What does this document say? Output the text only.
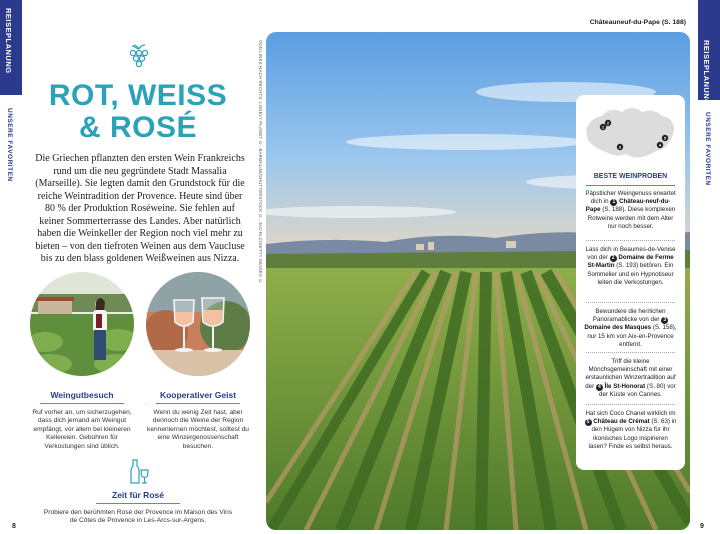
REISEPLANUNG
UNSERE FAVORITEN
ROT, WEISS
& ROSÉ
Die Griechen pflanzten den ersten Wein Frankreichs rund um die neu gegründete Stadt Massalia (Marseille). Sie legten damit den Grundstock für die reiche Weintradition der Provence. Heute sind über 80 % der Produktion Roséweine. Sie fehlen auf keiner Sommerterrasse des Landes. Aber natürlich haben die Weinkeller der Region noch viel mehr zu bieten – von den tiefroten Weinen aus dem Vaucluse bis zu den blass goldenen Weißweinen aus Nizza.
Weingutbesuch
Ruf vorher an, um sicherzugehen, dass dich jemand am Weingut empfängt, vor allem bei kleineren Kellereien. Gebühren für Verkostungen sind üblich.
Kooperativer Geist
Wenn du wenig Zeit hast, aber dennoch die Weine der Region kennenlernen möchtest, solltest du eine Winzergenossenschaft besuchen.
Zeit für Rosé
Probiere den berühmten Rosé der Provence im Maison des Vins de Côtes de Provence in Les-Arcs-sur-Argens.
8
VON LINKS NACH RECHTS: LONELY PLANET ©, BARMALINI/SHUTTERSTOCK ©, JAC-ELC/GETTY IMAGES ©
Châteauneuf-du-Pape (S. 188)
REISEPLANUNG
UNSERE FAVORITEN
1
2
3	4
5
BESTE WEINPROBEN
Päpstlicher Weingenuss erwartet dich in 1 Château-neuf-du-Pape (S. 188). Diese komplexen Rotweine werden mit dem Alter nur noch besser.
Lass dich in Beaumes-de-Venise von der 2 Domaine de Ferme St-Martin (S. 193) betören. Ein Sommelier und ein Hypnotiseur leiten die Verkostungen.
Bewundere die herrlichen Panoramablicke von der 3 Domaine des Masques (S. 158), nur 15 km von Aix-en-Provence entfernt.
Triff die kleine Mönchsgemeinschaft mit einer erstaunlichen Winzertradition auf der 4 Île St-Honorat (S. 80) vor der Küste von Cannes.
Hat sich Coco Chanel wirklich im 5 Château de Crémat (S. 63) in den Hügeln von Nizza für ihr ikonisches Logo inspirieren lasen? Finde es selbst heraus.
9
